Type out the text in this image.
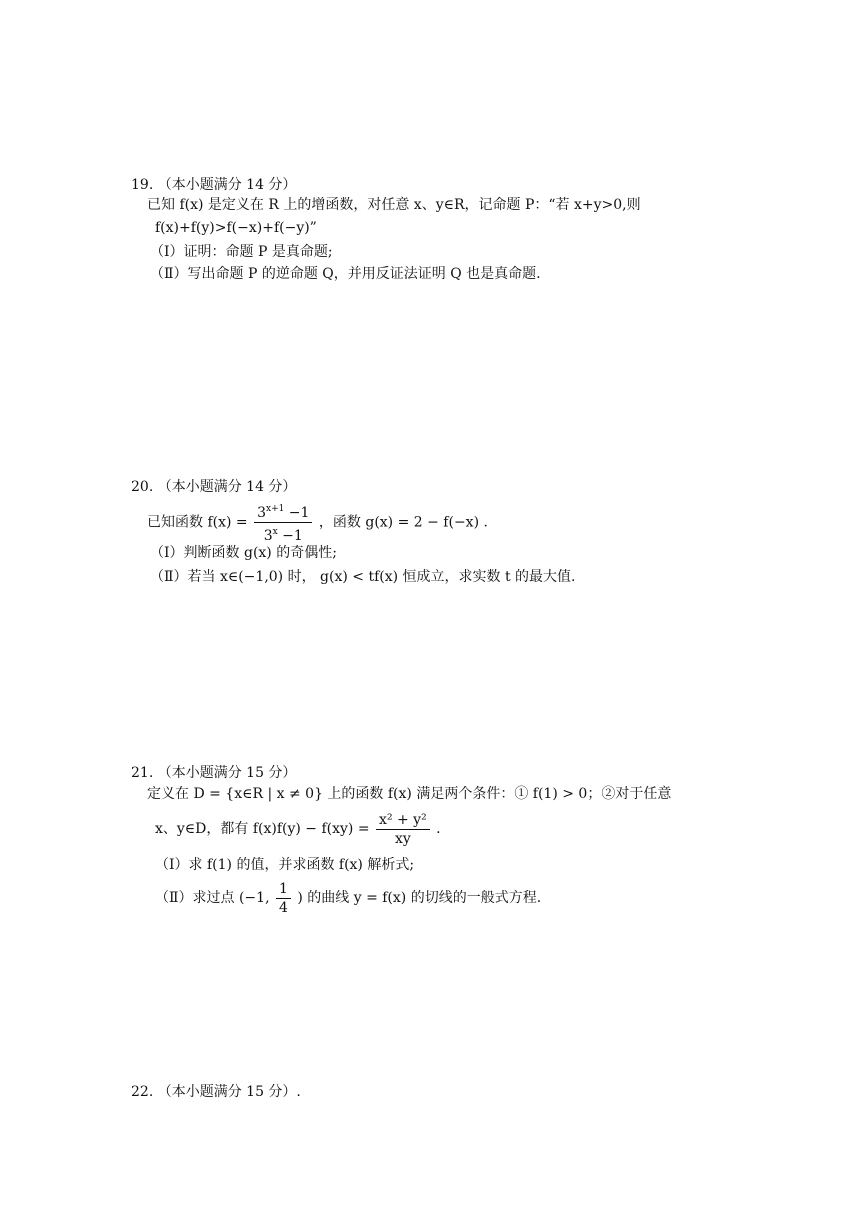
19. （本小题满分 14 分）
已知 f(x) 是定义在 R 上的增函数，对任意 x、y∈R，记命题 P：“若 x+y>0,则
f(x)+f(y)>f(−x)+f(−y)”
（Ⅰ）证明：命题 P 是真命题;
（Ⅱ）写出命题 P 的逆命题 Q，并用反证法证明 Q 也是真命题.
20. （本小题满分 14 分）
已知函数 $f(x) = \frac{3^{x+1} -1}{3^x -1}$ ，函数 g(x) = 2 − f(−x) .
（Ⅰ）判断函数 g(x) 的奇偶性;
（Ⅱ）若当 x∈(−1,0) 时， g(x) < tf(x) 恒成立，求实数 t 的最大值.
21. （本小题满分 15 分）
定义在 D = {x∈R | x ≠ 0} 上的函数 f(x) 满足两个条件：① f(1) > 0；②对于任意
x、y∈D，都有 $f(x)f(y) - f(xy) = \frac{\text{x² + y²}}{xy}$ .
（Ⅰ）求 f(1) 的值，并求函数 f(x) 解析式;
（Ⅱ）求过点 (−1, $\frac{1}{4}$ ) 的曲线 y = f(x) 的切线的一般式方程.
22. （本小题满分 15 分）.
